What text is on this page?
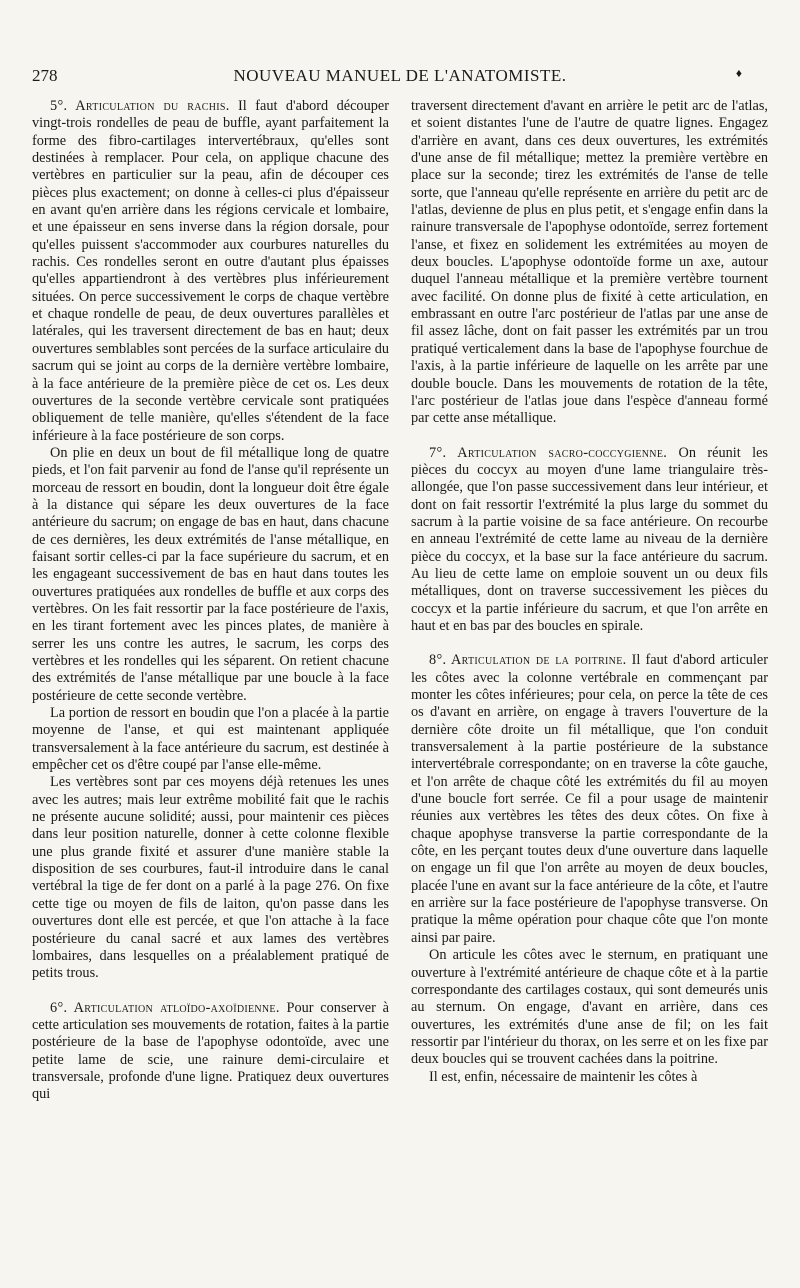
278	NOUVEAU MANUEL DE L'ANATOMISTE.	♦

5°. Articulation du rachis. Il faut d'abord découper vingt-trois rondelles de peau de buffle, ayant parfaitement la forme des fibro-cartilages intervertébraux, qu'elles sont destinées à remplacer. Pour cela, on applique chacune des vertèbres en particulier sur la peau, afin de découper ces pièces plus exactement; on donne à celles-ci plus d'épaisseur en avant qu'en arrière dans les régions cervicale et lombaire, et une épaisseur en sens inverse dans la région dorsale, pour qu'elles puissent s'accommoder aux courbures naturelles du rachis. Ces rondelles seront en outre d'autant plus épaisses qu'elles appartiendront à des vertèbres plus inférieurement situées. On perce successivement le corps de chaque vertèbre et chaque rondelle de peau, de deux ouvertures parallèles et latérales, qui les traversent directement de bas en haut; deux ouvertures semblables sont percées de la surface articulaire du sacrum qui se joint au corps de la dernière vertèbre lombaire, à la face antérieure de la première pièce de cet os. Les deux ouvertures de la seconde vertèbre cervicale sont pratiquées obliquement de telle manière, qu'elles s'étendent de la face inférieure à la face postérieure de son corps.

On plie en deux un bout de fil métallique long de quatre pieds, et l'on fait parvenir au fond de l'anse qu'il représente un morceau de ressort en boudin, dont la longueur doit être égale à la distance qui sépare les deux ouvertures de la face antérieure du sacrum; on engage de bas en haut, dans chacune de ces dernières, les deux extrémités de l'anse métallique, en faisant sortir celles-ci par la face supérieure du sacrum, et en les engageant successivement de bas en haut dans toutes les ouvertures pratiquées aux rondelles de buffle et aux corps des vertèbres. On les fait ressortir par la face postérieure de l'axis, en les tirant fortement avec les pinces plates, de manière à serrer les uns contre les autres, le sacrum, les corps des vertèbres et les rondelles qui les séparent. On retient chacune des extrémités de l'anse métallique par une boucle à la face postérieure de cette seconde vertèbre.

La portion de ressort en boudin que l'on a placée à la partie moyenne de l'anse, et qui est maintenant appliquée transversalement à la face antérieure du sacrum, est destinée à empêcher cet os d'être coupé par l'anse elle-même.

Les vertèbres sont par ces moyens déjà retenues les unes avec les autres; mais leur extrême mobilité fait que le rachis ne présente aucune solidité; aussi, pour maintenir ces pièces dans leur position naturelle, donner à cette colonne flexible une plus grande fixité et assurer d'une manière stable la disposition de ses courbures, faut-il introduire dans le canal vertébral la tige de fer dont on a parlé à la page 276. On fixe cette tige ou moyen de fils de laiton, qu'on passe dans les ouvertures dont elle est percée, et que l'on attache à la face postérieure du canal sacré et aux lames des vertèbres lombaires, dans lesquelles on a préalablement pratiqué de petits trous.

6°. Articulation atloïdo-axoïdienne. Pour conserver à cette articulation ses mouvements de rotation, faites à la partie postérieure de la base de l'apophyse odontoïde, avec une petite lame de scie, une rainure demi-circulaire et transversale, profonde d'une ligne. Pratiquez deux ouvertures qui

traversent directement d'avant en arrière le petit arc de l'atlas, et soient distantes l'une de l'autre de quatre lignes. Engagez d'arrière en avant, dans ces deux ouvertures, les extrémités d'une anse de fil métallique; mettez la première vertèbre en place sur la seconde; tirez les extrémités de l'anse de telle sorte, que l'anneau qu'elle représente en arrière du petit arc de l'atlas, devienne de plus en plus petit, et s'engage enfin dans la rainure transversale de l'apophyse odontoïde, serrez fortement l'anse, et fixez en solidement les extrémitées au moyen de deux boucles. L'apophyse odontoïde forme un axe, autour duquel l'anneau métallique et la première vertèbre tournent avec facilité. On donne plus de fixité à cette articulation, en embrassant en outre l'arc postérieur de l'atlas par une anse de fil assez lâche, dont on fait passer les extrémités par un trou pratiqué verticalement dans la base de l'apophyse fourchue de l'axis, à la partie inférieure de laquelle on les arrête par une double boucle. Dans les mouvements de rotation de la tête, l'arc postérieur de l'atlas joue dans l'espèce d'anneau formé par cette anse métallique.

7°. Articulation sacro-coccygienne. On réunit les pièces du coccyx au moyen d'une lame triangulaire très-allongée, que l'on passe successivement dans leur intérieur, et dont on fait ressortir l'extrémité la plus large du sommet du sacrum à la partie voisine de sa face antérieure. On recourbe en anneau l'extrémité de cette lame au niveau de la dernière pièce du coccyx, et la base sur la face antérieure du sacrum. Au lieu de cette lame on emploie souvent un ou deux fils métalliques, dont on traverse successivement les pièces du coccyx et la partie inférieure du sacrum, et que l'on arrête en haut et en bas par des boucles en spirale.

8°. Articulation de la poitrine. Il faut d'abord articuler les côtes avec la colonne vertébrale en commençant par monter les côtes inférieures; pour cela, on perce la tête de ces os d'avant en arrière, on engage à travers l'ouverture de la dernière côte droite un fil métallique, que l'on conduit transversalement à la partie postérieure de la substance intervertébrale correspondante; on en traverse la côte gauche, et l'on arrête de chaque côté les extrémités du fil au moyen d'une boucle fort serrée. Ce fil a pour usage de maintenir réunies aux vertèbres les têtes des deux côtes. On fixe à chaque apophyse transverse la partie correspondante de la côte, en les perçant toutes deux d'une ouverture dans laquelle on engage un fil que l'on arrête au moyen de deux boucles, placée l'une en avant sur la face antérieure de la côte, et l'autre en arrière sur la face postérieure de l'apophyse transverse. On pratique la même opération pour chaque côte que l'on monte ainsi par paire.

On articule les côtes avec le sternum, en pratiquant une ouverture à l'extrémité antérieure de chaque côte et à la partie correspondante des cartilages costaux, qui sont demeurés unis au sternum. On engage, d'avant en arrière, dans ces ouvertures, les extrémités d'une anse de fil; on les fait ressortir par l'intérieur du thorax, on les serre et on les fixe par deux boucles qui se trouvent cachées dans la poitrine.

Il est, enfin, nécessaire de maintenir les côtes à
